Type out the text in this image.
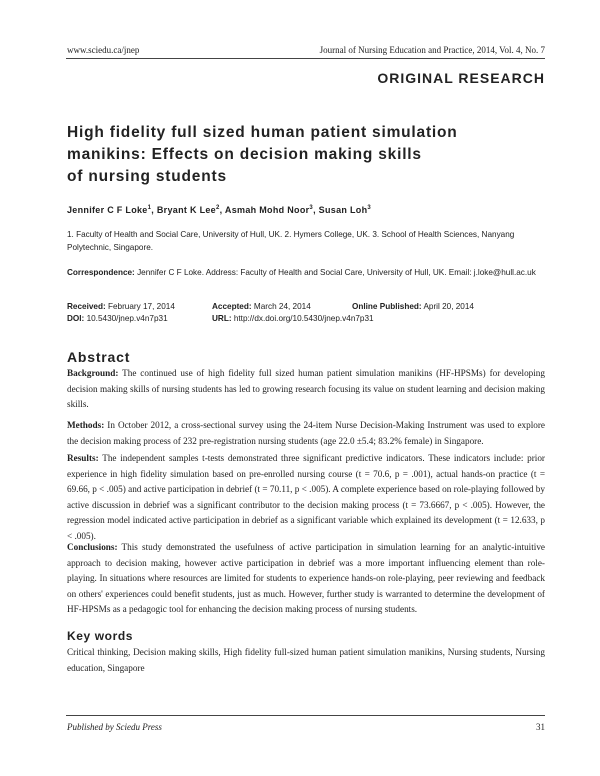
www.sciedu.ca/jnep	Journal of Nursing Education and Practice, 2014, Vol. 4, No. 7
ORIGINAL RESEARCH
High fidelity full sized human patient simulation
manikins: Effects on decision making skills
of nursing students
Jennifer C F Loke$^1$, Bryant K Lee$^2$, Asmah Mohd Noor$^3$, Susan Loh$^3$
1. Faculty of Health and Social Care, University of Hull, UK. 2. Hymers College, UK. 3. School of Health Sciences, Nanyang Polytechnic, Singapore.
Correspondence: Jennifer C F Loke. Address: Faculty of Health and Social Care, University of Hull, UK. Email: j.loke@hull.ac.uk
Received: February 17, 2014	Accepted: March 24, 2014	Online Published: April 20, 2014
DOI: 10.5430/jnep.v4n7p31	URL: http://dx.doi.org/10.5430/jnep.v4n7p31
Abstract
Background: The continued use of high fidelity full sized human patient simulation manikins (HF-HPSMs) for developing decision making skills of nursing students has led to growing research focusing its value on student learning and decision making skills.
Methods: In October 2012, a cross-sectional survey using the 24-item Nurse Decision-Making Instrument was used to explore the decision making process of 232 pre-registration nursing students (age 22.0 ±5.4; 83.2% female) in Singapore.
Results: The independent samples t-tests demonstrated three significant predictive indicators. These indicators include: prior experience in high fidelity simulation based on pre-enrolled nursing course (t = 70.6, p = .001), actual hands-on practice (t = 69.66, p < .005) and active participation in debrief (t = 70.11, p < .005). A complete experience based on role-playing followed by active discussion in debrief was a significant contributor to the decision making process (t = 73.6667, p < .005). However, the regression model indicated active participation in debrief as a significant variable which explained its development (t = 12.633, p < .005).
Conclusions: This study demonstrated the usefulness of active participation in simulation learning for an analytic-intuitive approach to decision making, however active participation in debrief was a more important influencing element than role-playing. In situations where resources are limited for students to experience hands-on role-playing, peer reviewing and feedback on others' experiences could benefit students, just as much. However, further study is warranted to determine the development of HF-HPSMs as a pedagogic tool for enhancing the decision making process of nursing students.
Key words
Critical thinking, Decision making skills, High fidelity full-sized human patient simulation manikins, Nursing students, Nursing education, Singapore
Published by Sciedu Press	31
